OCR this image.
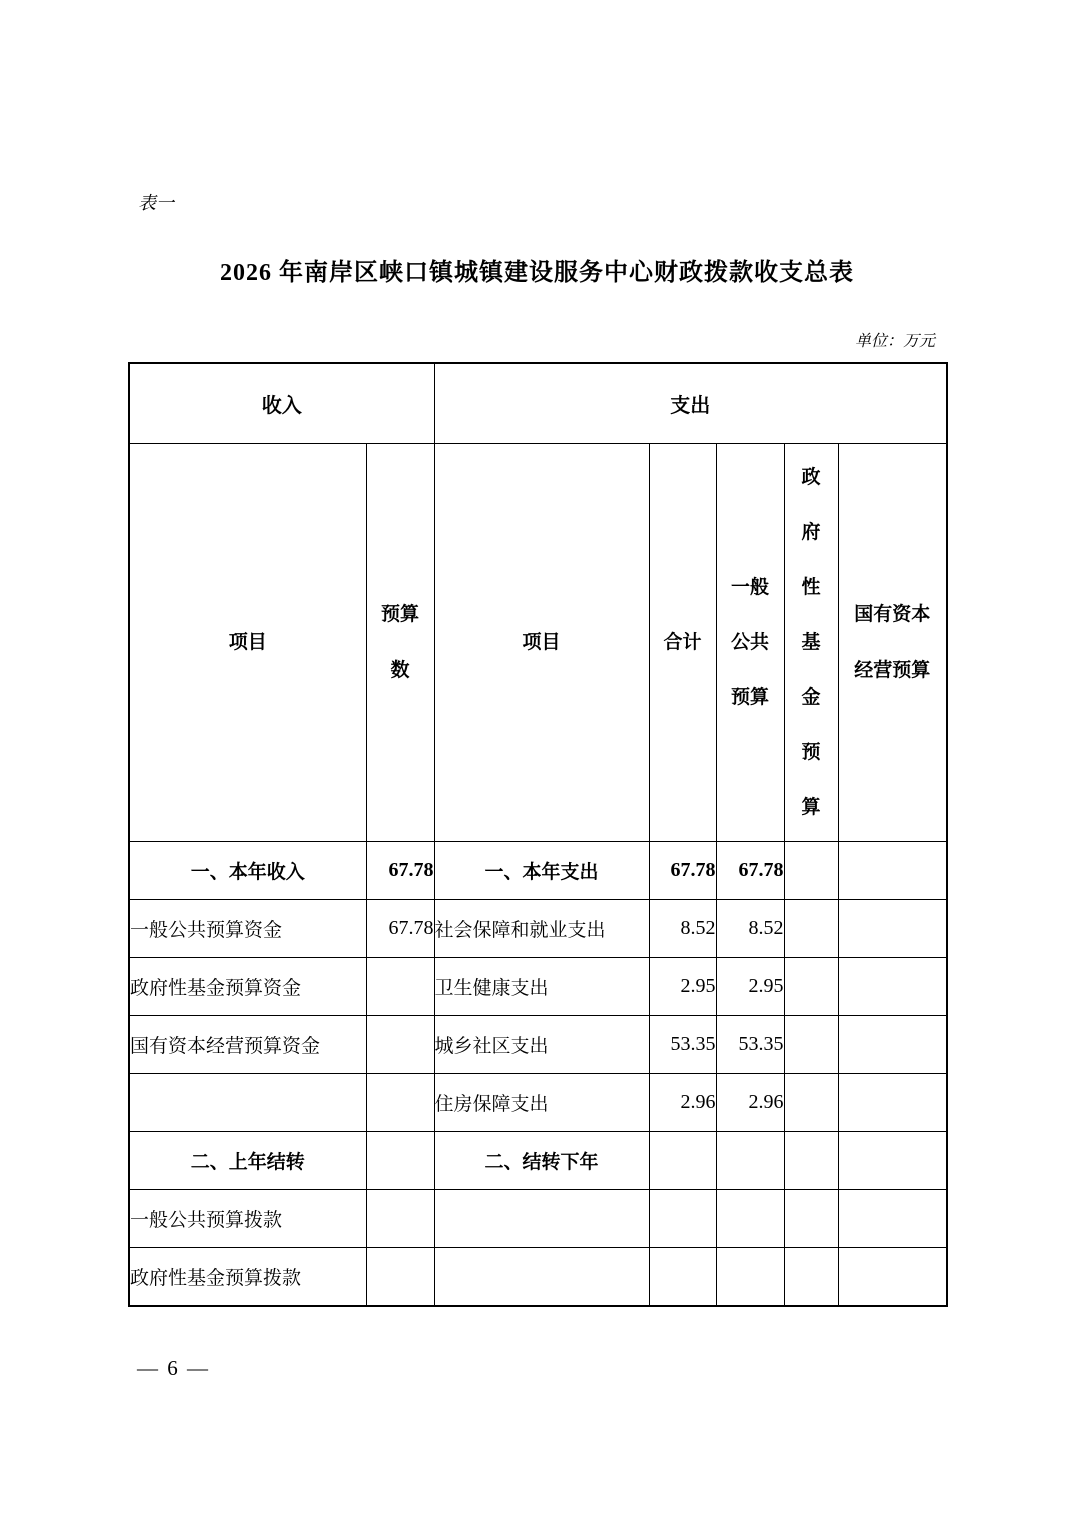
表一
2026 年南岸区峡口镇城镇建设服务中心财政拨款收支总表
单位：万元
收入		支出				
项目	预算数	项目	合计	一般公共预算	政府性基金预算	国有资本经营预算
一、本年收入	67.78	一、本年支出	67.78	67.78		
一般公共预算资金	67.78	社会保障和就业支出	8.52	8.52		
政府性基金预算资金		卫生健康支出	2.95	2.95		
国有资本经营预算资金		城乡社区支出	53.35	53.35		
		住房保障支出	2.96	2.96		
二、上年结转		二、结转下年				
一般公共预算拨款						
政府性基金预算拨款						
— 6 —
